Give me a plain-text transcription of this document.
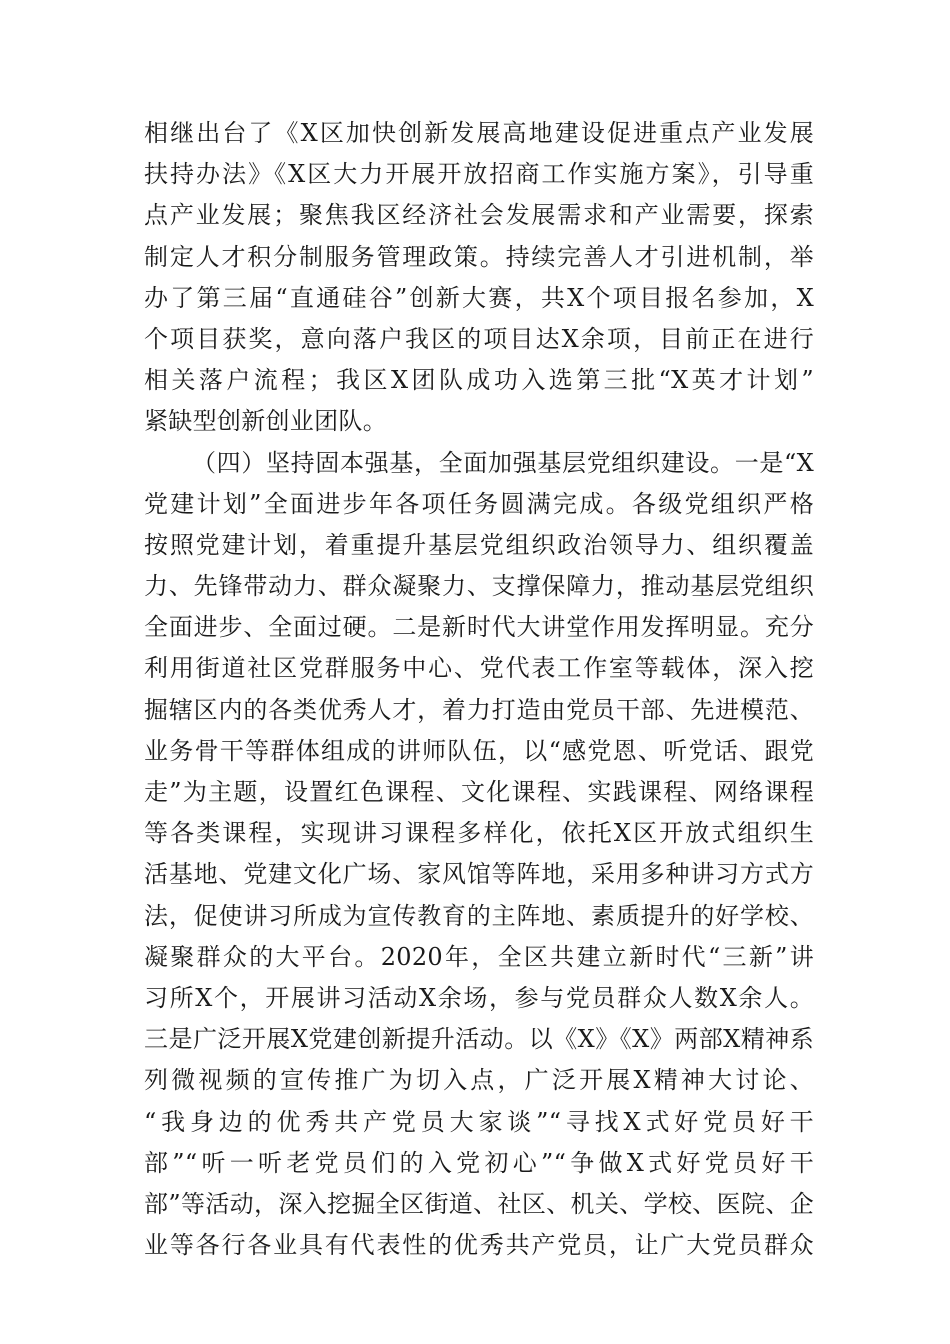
相继出台了《X区加快创新发展高地建设促进重点产业发展
扶持办法》《X区大力开展开放招商工作实施方案》，引导重
点产业发展；聚焦我区经济社会发展需求和产业需要，探索
制定人才积分制服务管理政策。持续完善人才引进机制，举
办了第三届“直通硅谷”创新大赛，共X个项目报名参加，X
个项目获奖，意向落户我区的项目达X余项，目前正在进行
相关落户流程；我区X团队成功入选第三批“X英才计划”
紧缺型创新创业团队。
（四）坚持固本强基，全面加强基层党组织建设。一是“X
党建计划”全面进步年各项任务圆满完成。各级党组织严格
按照党建计划，着重提升基层党组织政治领导力、组织覆盖
力、先锋带动力、群众凝聚力、支撑保障力，推动基层党组织
全面进步、全面过硬。二是新时代大讲堂作用发挥明显。充分
利用街道社区党群服务中心、党代表工作室等载体，深入挖
掘辖区内的各类优秀人才，着力打造由党员干部、先进模范、
业务骨干等群体组成的讲师队伍，以“感党恩、听党话、跟党
走”为主题，设置红色课程、文化课程、实践课程、网络课程
等各类课程，实现讲习课程多样化，依托X区开放式组织生
活基地、党建文化广场、家风馆等阵地，采用多种讲习方式方
法，促使讲习所成为宣传教育的主阵地、素质提升的好学校、
凝聚群众的大平台。2020年，全区共建立新时代“三新”讲
习所X个，开展讲习活动X余场，参与党员群众人数X余人。
三是广泛开展X党建创新提升活动。以《X》《X》两部X精神系
列微视频的宣传推广为切入点，广泛开展X精神大讨论、
“我身边的优秀共产党员大家谈”“寻找X式好党员好干
部”“听一听老党员们的入党初心”“争做X式好党员好干
部”等活动，深入挖掘全区街道、社区、机关、学校、医院、企
业等各行各业具有代表性的优秀共产党员，让广大党员群众
